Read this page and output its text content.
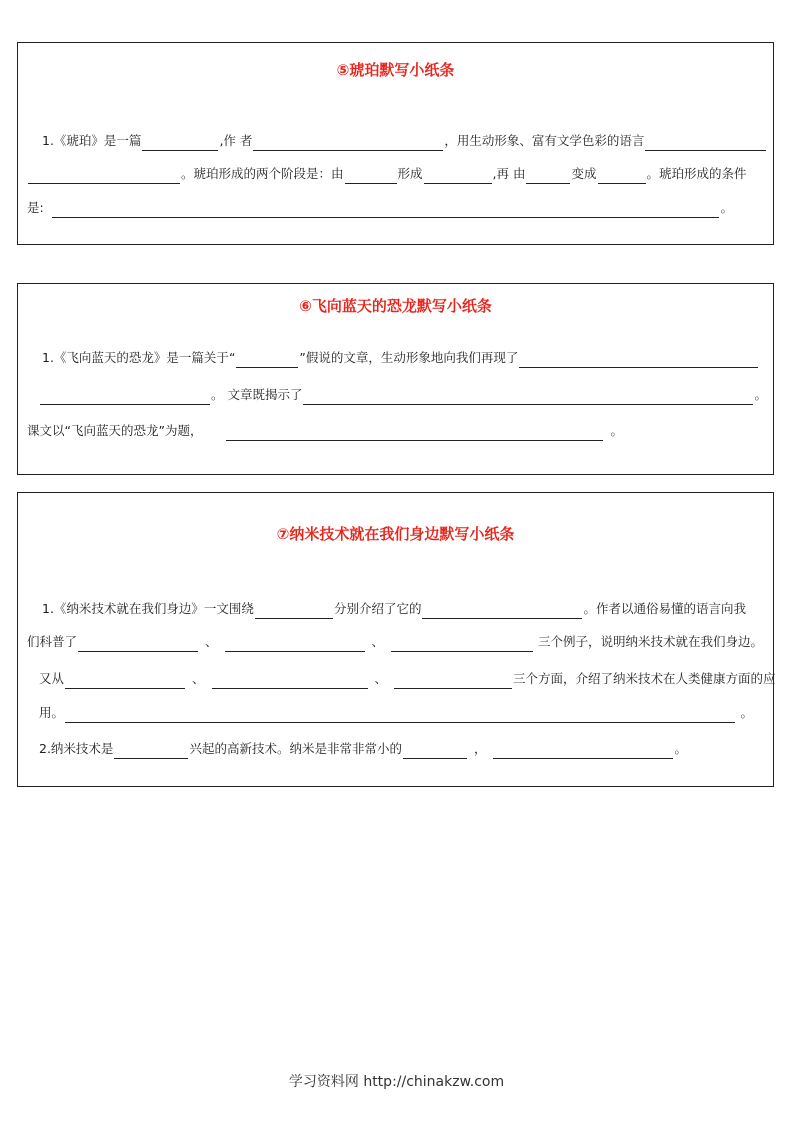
⑤琥珀默写小纸条
1.《琥珀》是一篇	,作 者	，用生动形象、富有文学色彩的语言
。琥珀形成的两个阶段是：由	形成	,再 由	变成	。琥珀形成的条件
是:	。
⑥飞向蓝天的恐龙默写小纸条
1.《飞向蓝天的恐龙》是一篇关于 “	”假说的文章，生动形象地向我们再现了
。 文章既揭示了	。
课文以“飞向蓝天的恐龙”为题，	。
⑦纳米技术就在我们身边默写小纸条
1.《纳米技术就在我们身边》一文围绕	分别介绍了它的	。作者以通俗易懂的语言向我
们科普了	、	、	三个例子，说明纳米技术就在我们身边。
又从	、	、	三个方面，介绍了纳米技术在人类健康方面的应
用。	。
2.纳米技术是	兴起的高新技术。纳米是非常非常小的	，	。
学习资料网 http://chinakzw.com
